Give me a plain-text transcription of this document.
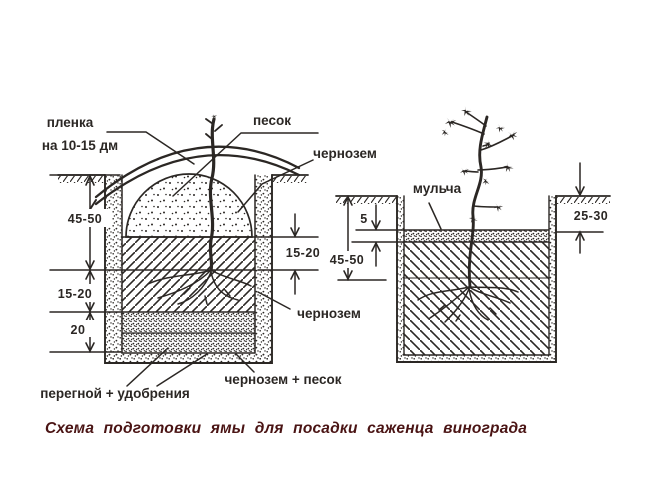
45-50
15-20
20
15-20
пленка
на 10-15 дм
песок
чернозем
чернозем
чернозем + песок
перегной + удобрения
45-50
5	25-30
мульча
Схема подготовки ямы для посадки саженца винограда
